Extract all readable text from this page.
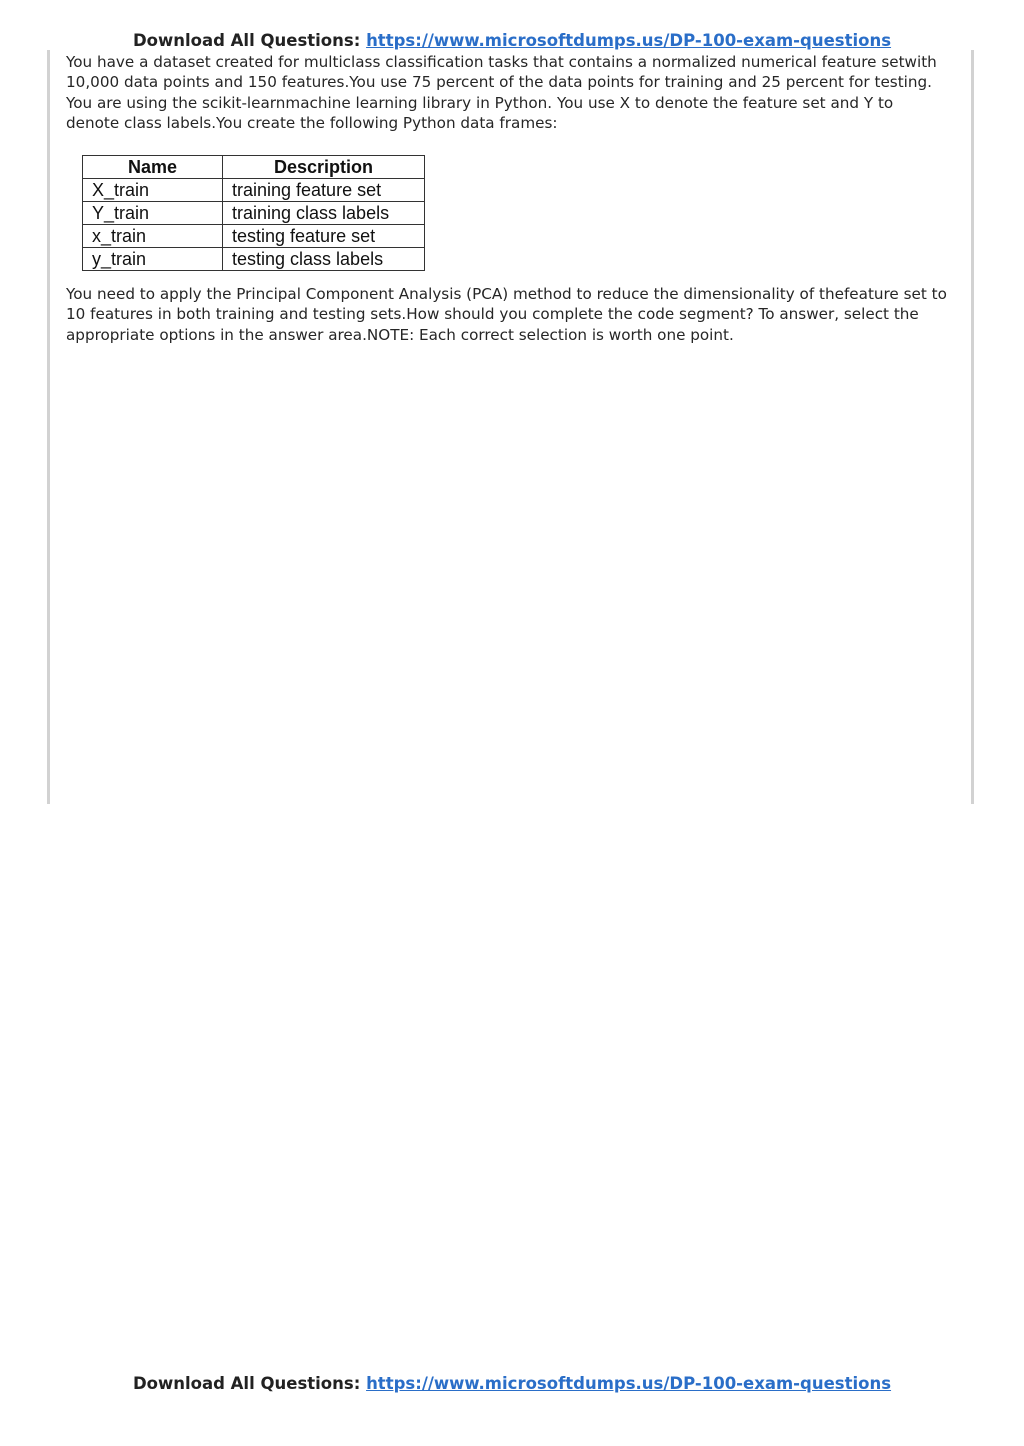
Download All Questions: https://www.microsoftdumps.us/DP-100-exam-questions
You have a dataset created for multiclass classification tasks that contains a normalized numerical feature setwith 10,000 data points and 150 features.You use 75 percent of the data points for training and 25 percent for testing. You are using the scikit-learnmachine learning library in Python. You use X to denote the feature set and Y to denote class labels.You create the following Python data frames:
Name	Description
X_train	training feature set
Y_train	training class labels
x_train	testing feature set
y_train	testing class labels
You need to apply the Principal Component Analysis (PCA) method to reduce the dimensionality of thefeature set to 10 features in both training and testing sets.How should you complete the code segment? To answer, select the appropriate options in the answer area.NOTE: Each correct selection is worth one point.
Download All Questions: https://www.microsoftdumps.us/DP-100-exam-questions
